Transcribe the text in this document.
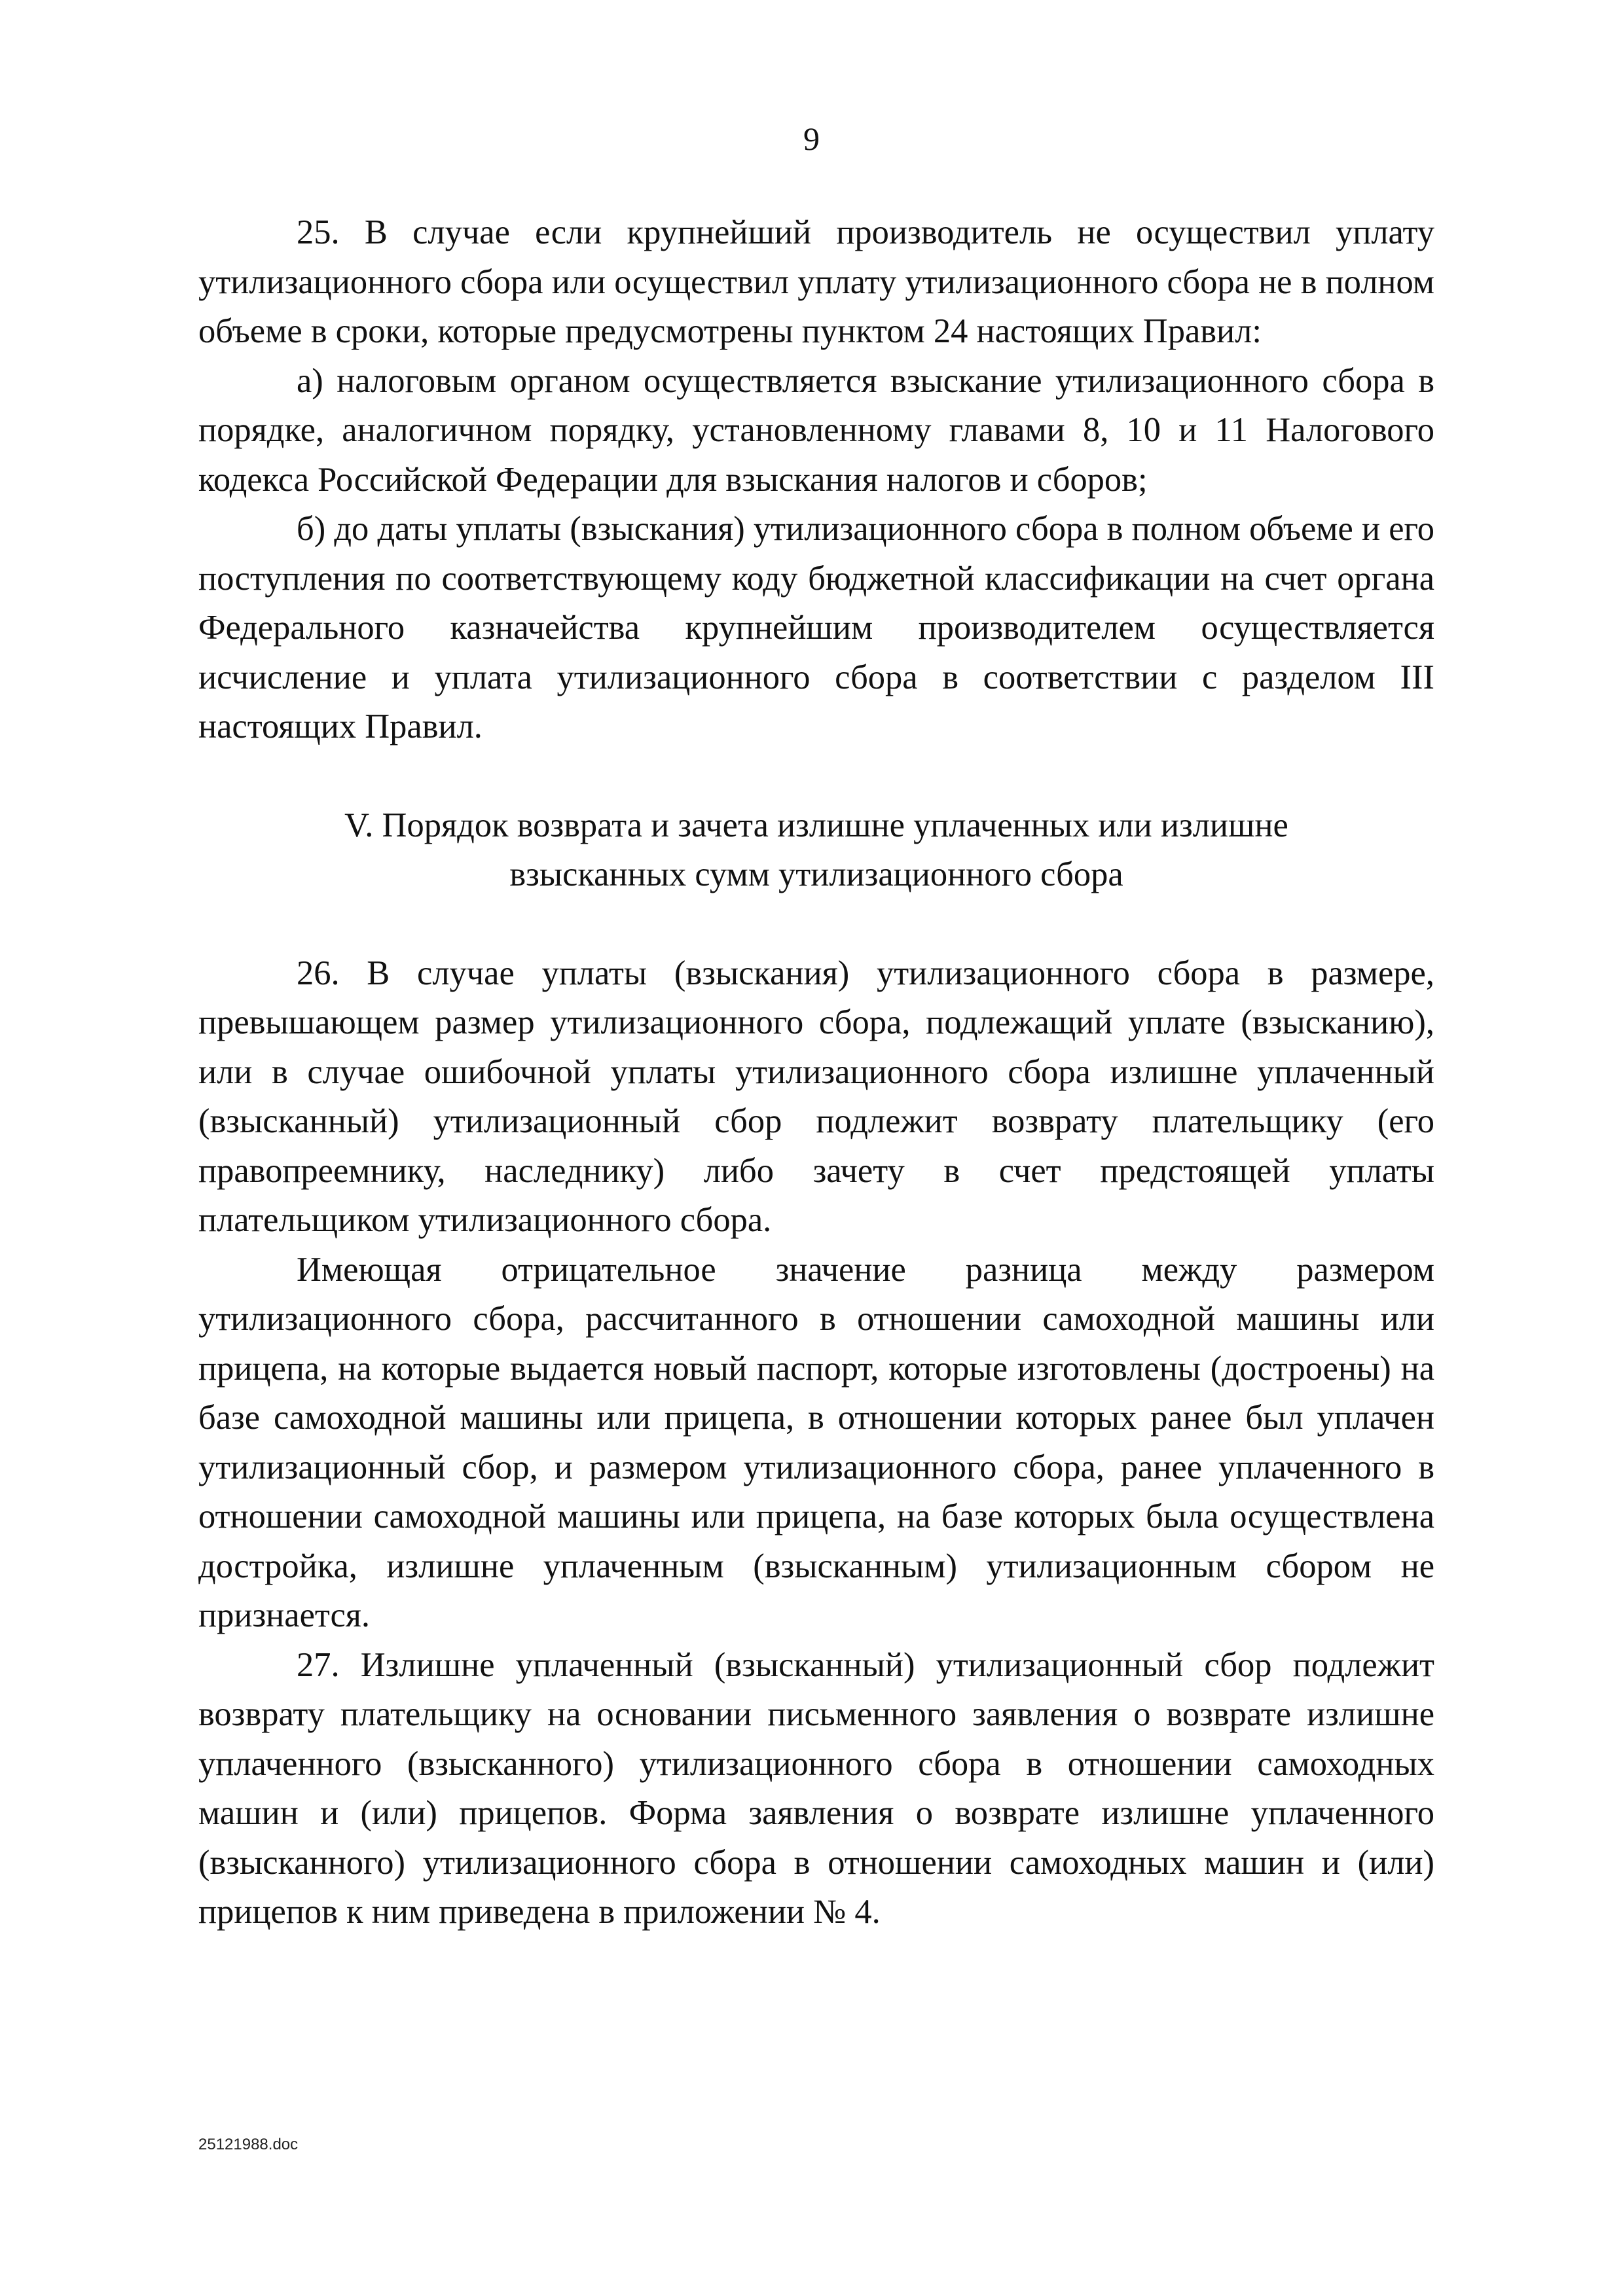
9

25. В случае если крупнейший производитель не осуществил уплату утилизационного сбора или осуществил уплату утилизационного сбора не в полном объеме в сроки, которые предусмотрены пунктом 24 настоящих Правил:

а) налоговым органом осуществляется взыскание утилизационного сбора в порядке, аналогичном порядку, установленному главами 8, 10 и 11 Налогового кодекса Российской Федерации для взыскания налогов и сборов;

б) до даты уплаты (взыскания) утилизационного сбора в полном объеме и его поступления по соответствующему коду бюджетной классификации на счет органа Федерального казначейства крупнейшим производителем осуществляется исчисление и уплата утилизационного сбора в соответствии с разделом III настоящих Правил.

V. Порядок возврата и зачета излишне уплаченных или излишне
взысканных сумм утилизационного сбора

26. В случае уплаты (взыскания) утилизационного сбора в размере, превышающем размер утилизационного сбора, подлежащий уплате (взысканию), или в случае ошибочной уплаты утилизационного сбора излишне уплаченный (взысканный) утилизационный сбор подлежит возврату плательщику (его правопреемнику, наследнику) либо зачету в счет предстоящей уплаты плательщиком утилизационного сбора.

Имеющая отрицательное значение разница между размером утилизационного сбора, рассчитанного в отношении самоходной машины или прицепа, на которые выдается новый паспорт, которые изготовлены (достроены) на базе самоходной машины или прицепа, в отношении которых ранее был уплачен утилизационный сбор, и размером утилизационного сбора, ранее уплаченного в отношении самоходной машины или прицепа, на базе которых была осуществлена достройка, излишне уплаченным (взысканным) утилизационным сбором не признается.

27. Излишне уплаченный (взысканный) утилизационный сбор подлежит возврату плательщику на основании письменного заявления о возврате излишне уплаченного (взысканного) утилизационного сбора в отношении самоходных машин и (или) прицепов. Форма заявления о возврате излишне уплаченного (взысканного) утилизационного сбора в отношении самоходных машин и (или) прицепов к ним приведена в приложении № 4.

25121988.doc
